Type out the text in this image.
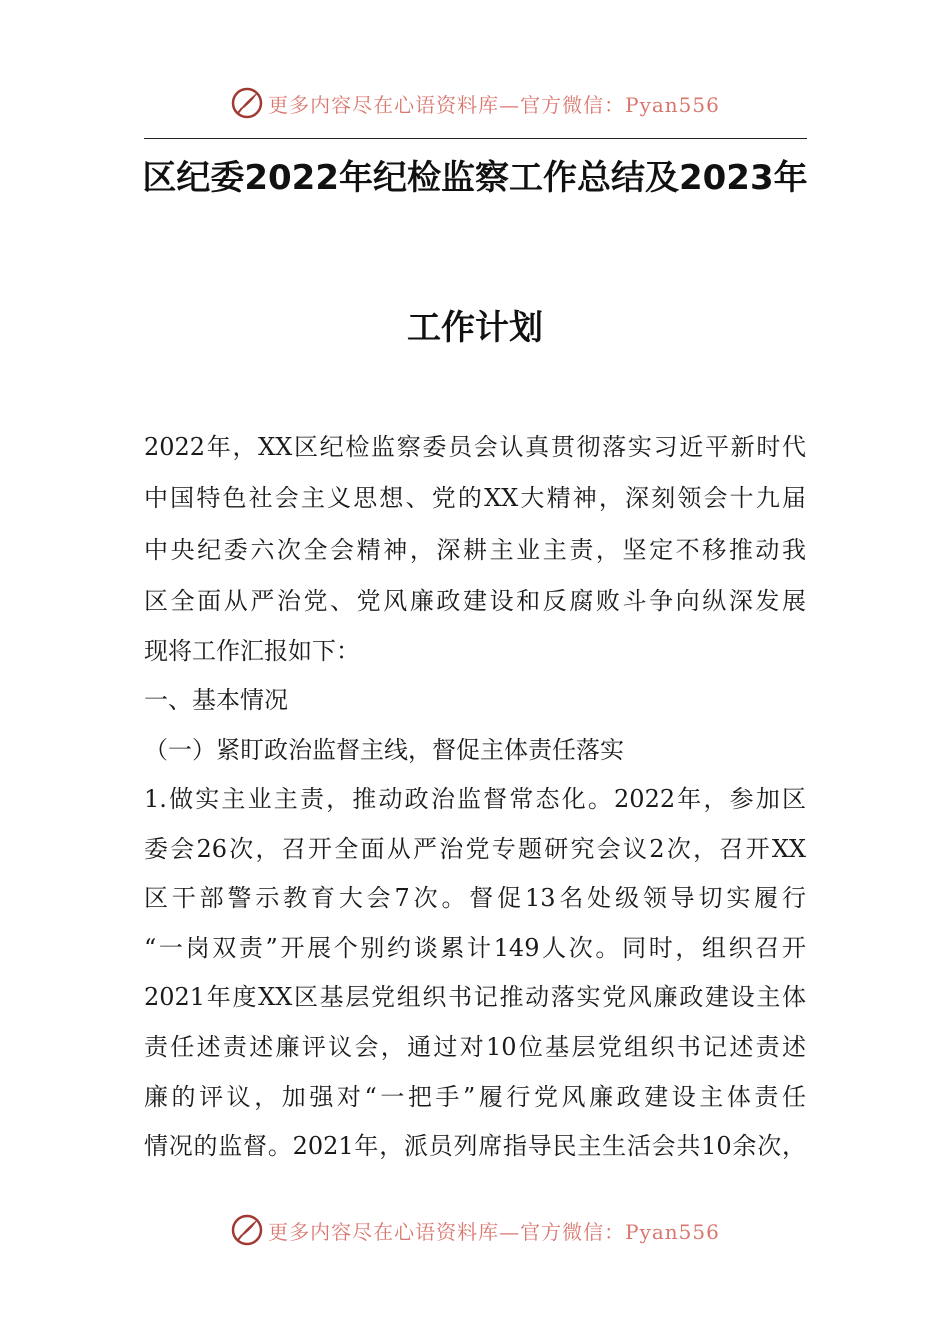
更多内容尽在心语资料库—官方微信：Pyan556
区纪委2022年纪检监察工作总结及2023年
工作计划
2022年，XX区纪检监察委员会认真贯彻落实习近平新时代
中国特色社会主义思想、党的XX大精神，深刻领会十九届
中央纪委六次全会精神，深耕主业主责，坚定不移推动我
区全面从严治党、党风廉政建设和反腐败斗争向纵深发展
现将工作汇报如下：
一、基本情况
（一）紧盯政治监督主线，督促主体责任落实
1.做实主业主责，推动政治监督常态化。2022年，参加区
委会26次，召开全面从严治党专题研究会议2次，召开XX
区干部警示教育大会7次。督促13名处级领导切实履行
“一岗双责”开展个别约谈累计149人次。同时，组织召开
2021年度XX区基层党组织书记推动落实党风廉政建设主体
责任述责述廉评议会，通过对10位基层党组织书记述责述
廉的评议，加强对“一把手”履行党风廉政建设主体责任
情况的监督。2021年，派员列席指导民主生活会共10余次，
更多内容尽在心语资料库—官方微信：Pyan556
